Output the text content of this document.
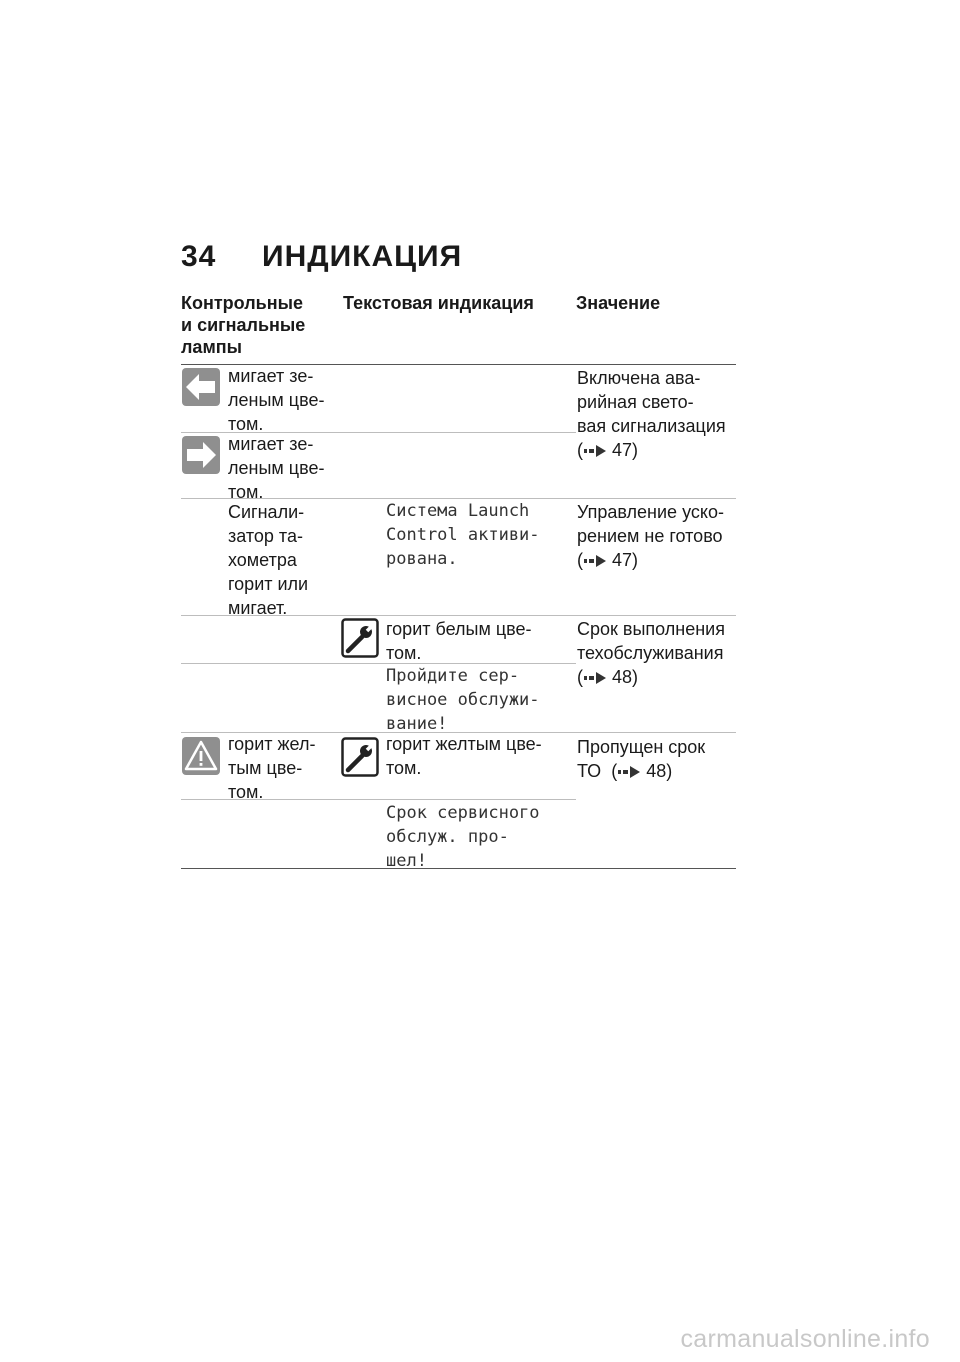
34 ИНДИКАЦИЯ
Контрольные
и сигнальные
лампы
Текстовая индикация Значение
мигает зе-
леным цве-
том.
мигает зе-
леным цве-
том.
Включена ава-
рийная свето-
вая сигнализация
( 47)
Сигнали-
затор та-
хометра
горит или
мигает.
Система Launch
Control активи-
рована.
Управление уско-
рением не готово
( 47)
горит белым цве-
том.
Пройдите сер-
висное обслужи-
вание!
Срок выполнения
техобслуживания
( 48)
горит жел-
тым цве-
том.
горит желтым цве-
том.
Срок сервисного
обслуж. про-
шел!
Пропущен срок
ТО ( 48)
carmanualsonline.info
